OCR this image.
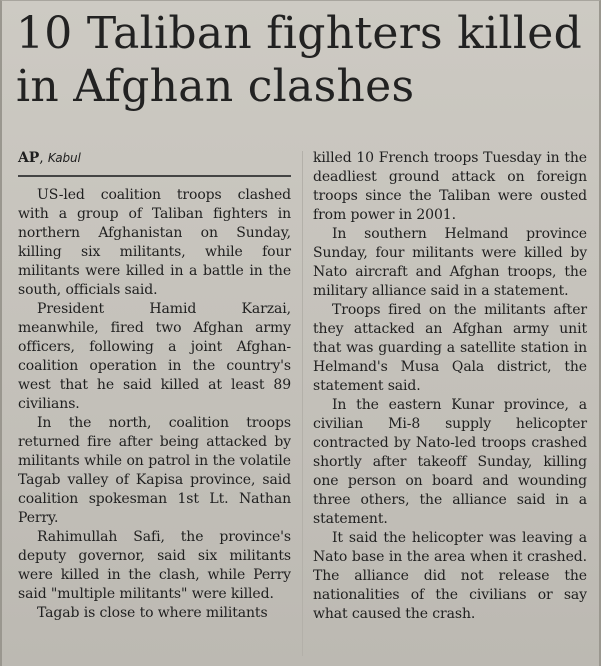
10 Taliban fighters killed
in Afghan clashes
AP, Kabul

US-led coalition troops clashed with a group of Taliban fighters in northern Afghanistan on Sunday, killing six militants, while four militants were killed in a battle in the south, officials said.

President Hamid Karzai, meanwhile, fired two Afghan army officers, following a joint Afghan-coalition operation in the country's west that he said killed at least 89 civilians.

In the north, coalition troops returned fire after being attacked by militants while on patrol in the volatile Tagab valley of Kapisa province, said coalition spokesman 1st Lt. Nathan Perry.

Rahimullah Safi, the province's deputy governor, said six militants were killed in the clash, while Perry said "multiple militants" were killed.

Tagab is close to where militants

killed 10 French troops Tuesday in the deadliest ground attack on foreign troops since the Taliban were ousted from power in 2001.

In southern Helmand province Sunday, four militants were killed by Nato aircraft and Afghan troops, the military alliance said in a statement.

Troops fired on the militants after they attacked an Afghan army unit that was guarding a satellite station in Helmand's Musa Qala district, the statement said.

In the eastern Kunar province, a civilian Mi-8 supply helicopter contracted by Nato-led troops crashed shortly after takeoff Sunday, killing one person on board and wounding three others, the alliance said in a statement.

It said the helicopter was leaving a Nato base in the area when it crashed. The alliance did not release the nationalities of the civilians or say what caused the crash.
